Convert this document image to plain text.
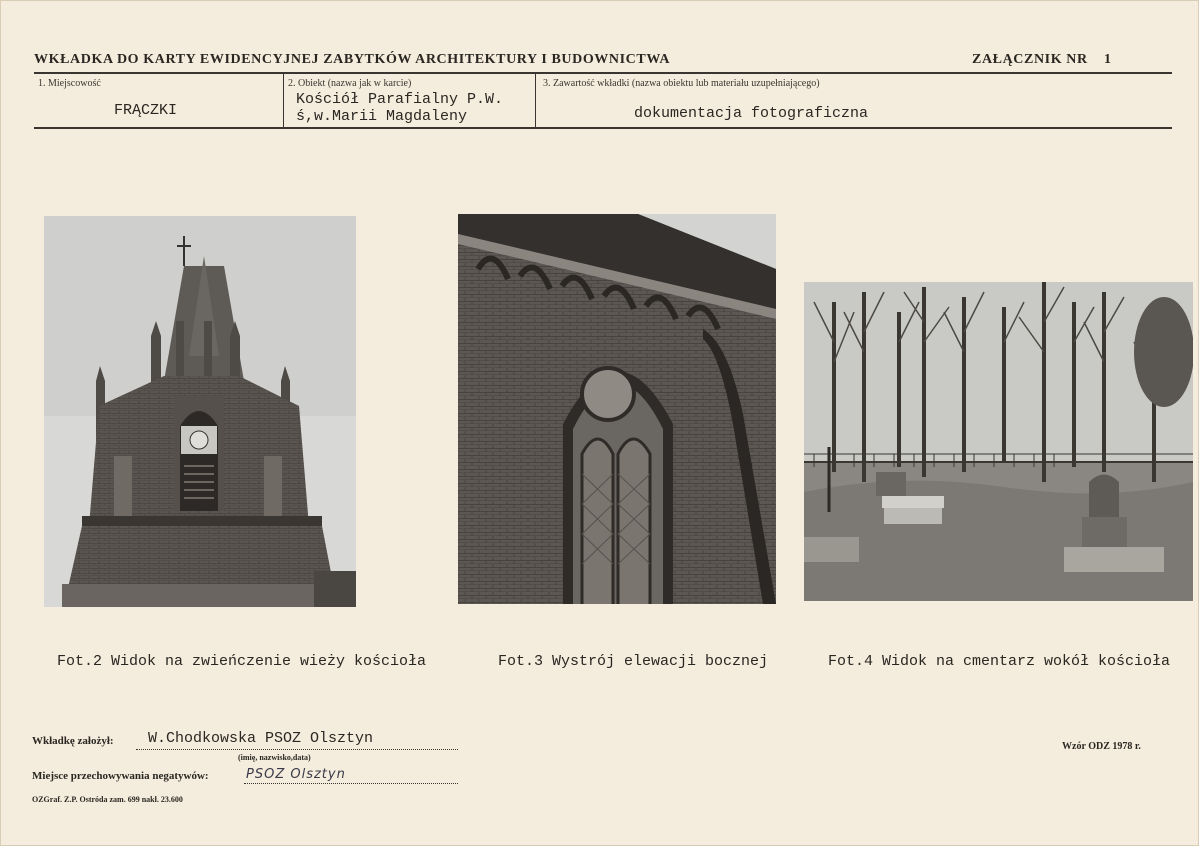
WKŁADKA DO KARTY EWIDENCYJNEJ ZABYTKÓW ARCHITEKTURY I BUDOWNICTWA	ZAŁĄCZNIK NR 1
1. Miejscowość
FRĄCZKI
2. Obiekt (nazwa jak w karcie)
Kościół Parafialny P.W.
ś,w.Marii Magdaleny
3. Zawartość wkładki (nazwa obiektu lub materiału uzupełniającego)
dokumentacja fotograficzna
Fot.2 Widok na zwieńczenie wieży kościoła	Fot.3 Wystrój elewacji bocznej	Fot.4 Widok na cmentarz wokół kościoła
Wkładkę założył: W.Chodkowska PSOZ Olsztyn
(imię, nazwisko,data)
Miejsce przechowywania negatywów:	PSOZ Olsztyn
OZGraf. Z.P. Ostróda zam. 699 nakł. 23.600
Wzór ODZ 1978 r.
